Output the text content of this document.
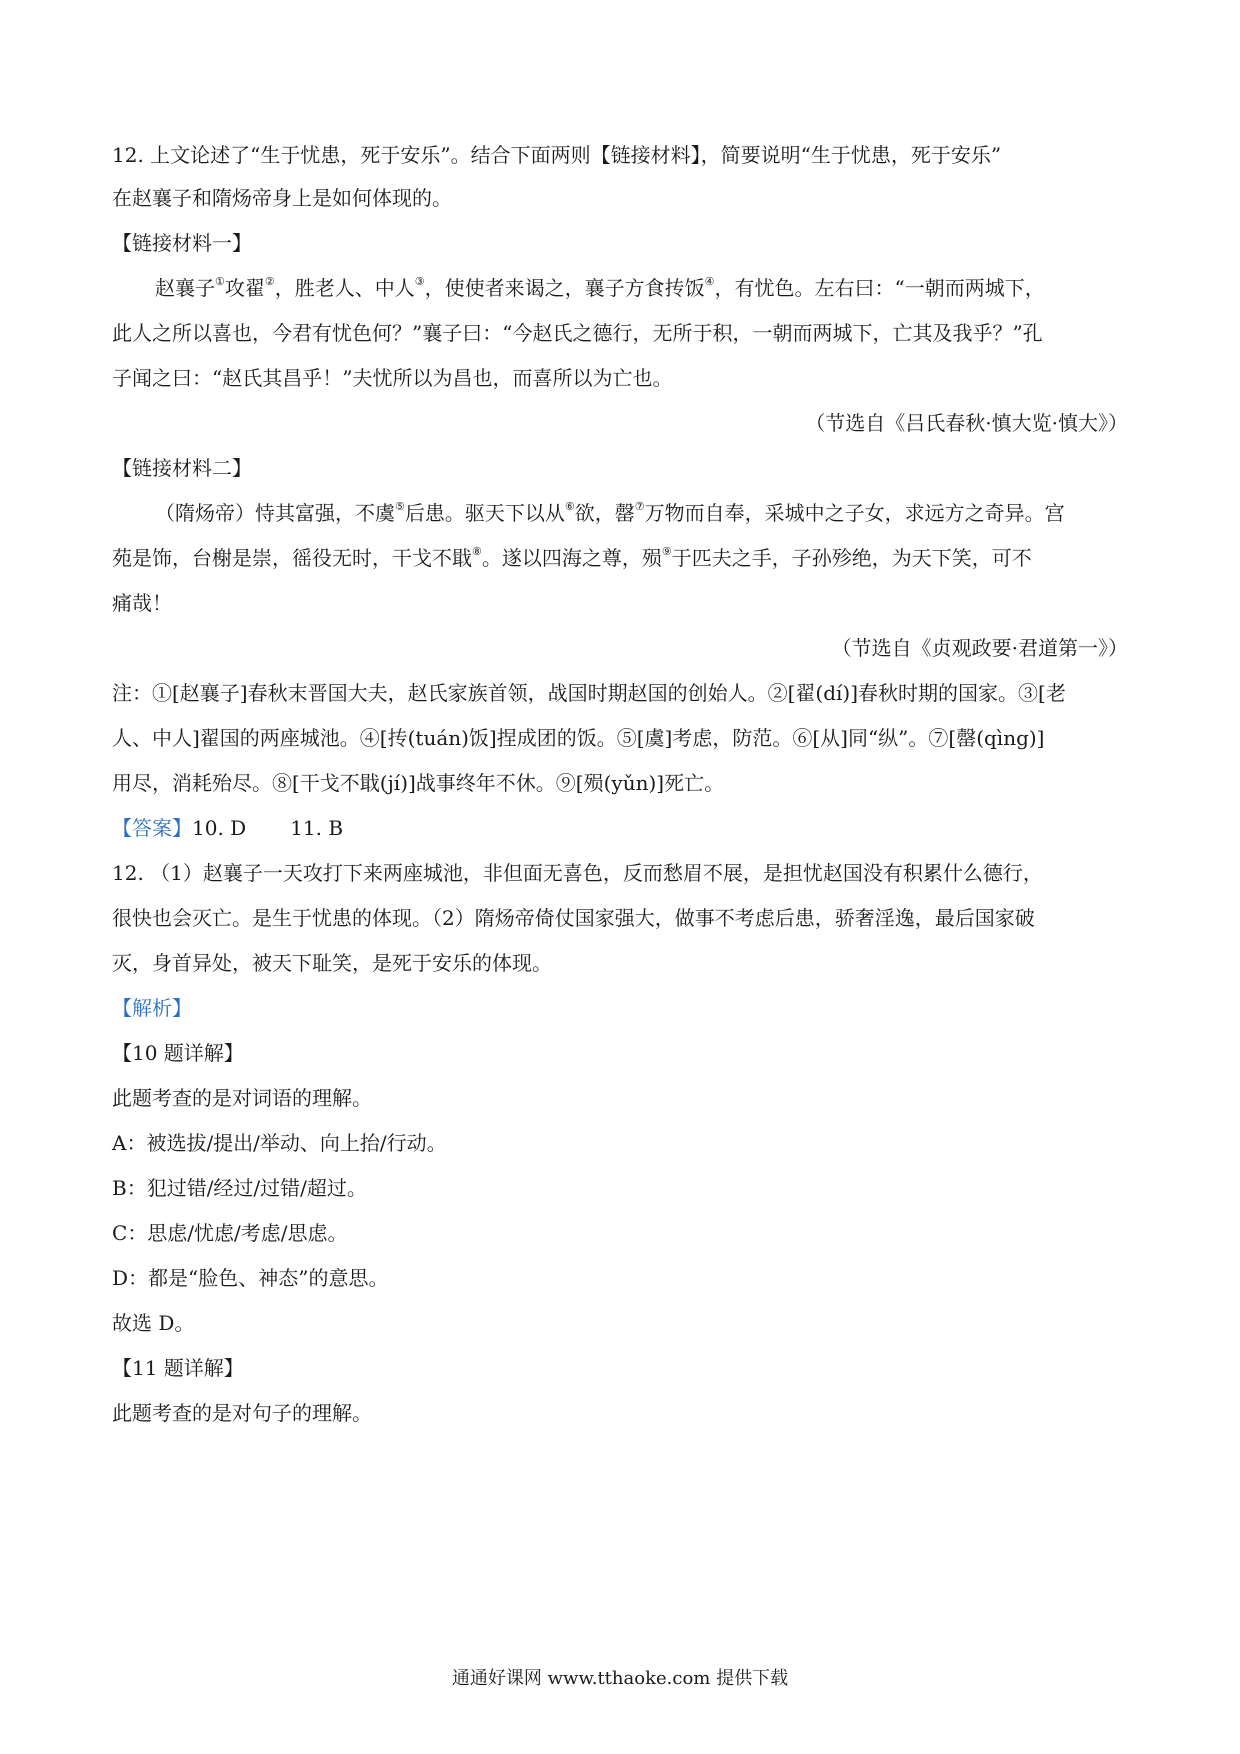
12. 上文论述了“生于忧患，死于安乐”。结合下面两则【链接材料】，简要说明“生于忧患，死于安乐”
在赵襄子和隋炀帝身上是如何体现的。
【链接材料一】
赵襄子①攻翟②，胜老人、中人③，使使者来谒之，襄子方食抟饭④，有忧色。左右曰：“一朝而两城下，
此人之所以喜也，今君有忧色何？”襄子曰：“今赵氏之德行，无所于积，一朝而两城下，亡其及我乎？”孔
子闻之曰：“赵氏其昌乎！”夫忧所以为昌也，而喜所以为亡也。
（节选自《吕氏春秋·慎大览·慎大》）
【链接材料二】
（隋炀帝）恃其富强，不虞⑤后患。驱天下以从⑥欲，罄⑦万物而自奉，采城中之子女，求远方之奇异。宫
苑是饰，台榭是崇，徭役无时，干戈不戢⑧。遂以四海之尊，殒⑨于匹夫之手，子孙殄绝，为天下笑，可不
痛哉！
（节选自《贞观政要·君道第一》）
注：①[赵襄子]春秋末晋国大夫，赵氏家族首领，战国时期赵国的创始人。②[翟(dí)]春秋时期的国家。③[老
人、中人]翟国的两座城池。④[抟(tuán)饭]捏成团的饭。⑤[虞]考虑，防范。⑥[从]同“纵”。⑦[罄(qìng)]
用尽，消耗殆尽。⑧[干戈不戢(jí)]战事终年不休。⑨[殒(yǔn)]死亡。
【答案】10. D 11. B
12. （1）赵襄子一天攻打下来两座城池，非但面无喜色，反而愁眉不展，是担忧赵国没有积累什么德行，
很快也会灭亡。是生于忧患的体现。（2）隋炀帝倚仗国家强大，做事不考虑后患，骄奢淫逸，最后国家破
灭，身首异处，被天下耻笑，是死于安乐的体现。
【解析】
【10 题详解】
此题考查的是对词语的理解。
A：被选拔/提出/举动、向上抬/行动。
B：犯过错/经过/过错/超过。
C：思虑/忧虑/考虑/思虑。
D：都是“脸色、神态”的意思。
故选 D。
【11 题详解】
此题考查的是对句子的理解。
通通好课网 www.tthaoke.com 提供下载
